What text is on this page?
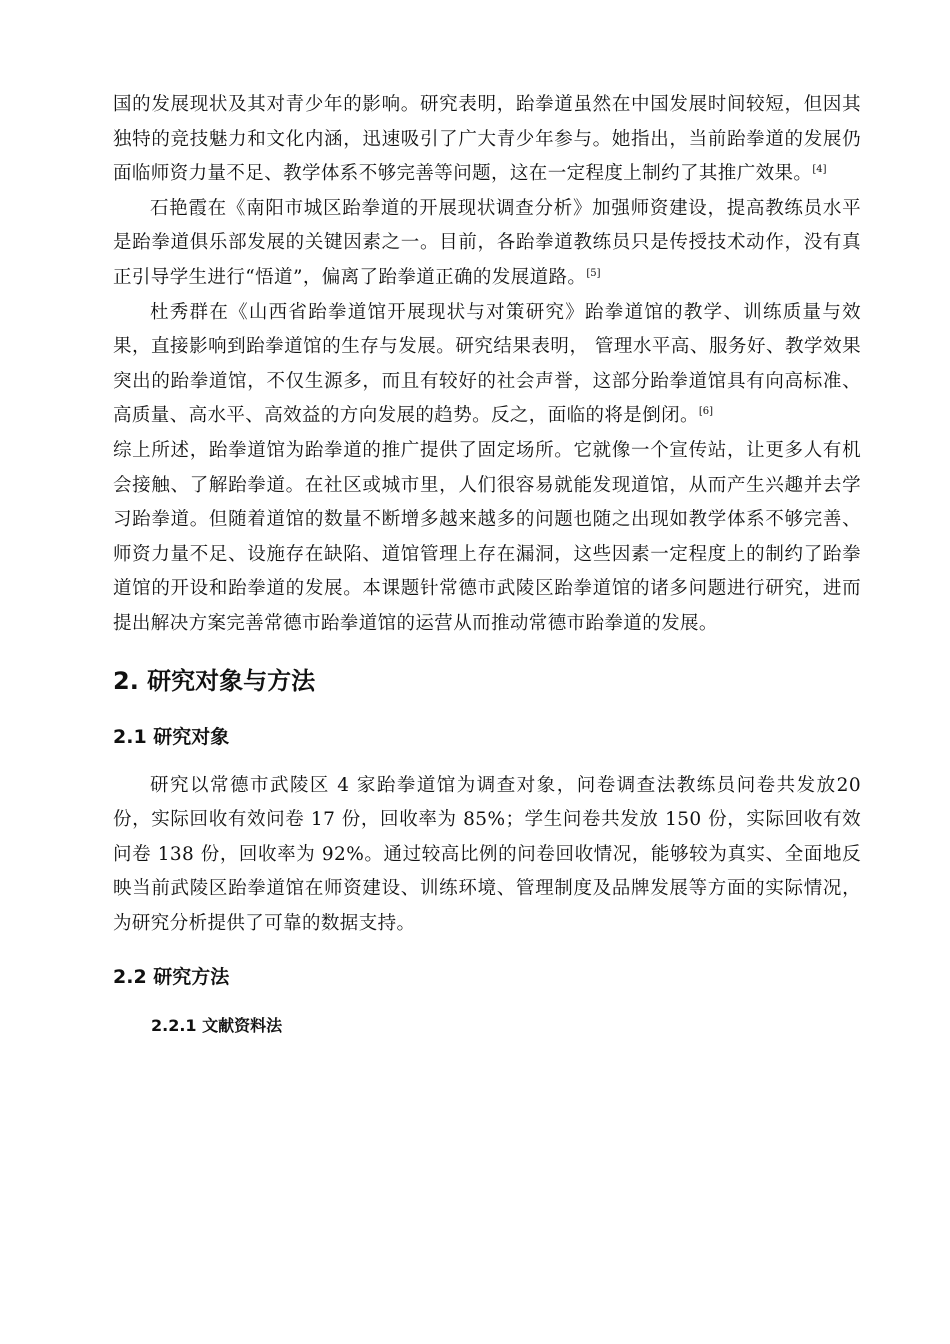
国的发展现状及其对青少年的影响。研究表明，跆拳道虽然在中国发展时间较短，但因其独特的竞技魅力和文化内涵，迅速吸引了广大青少年参与。她指出，当前跆拳道的发展仍面临师资力量不足、教学体系不够完善等问题，这在一定程度上制约了其推广效果。[4]

石艳霞在《南阳市城区跆拳道的开展现状调查分析》加强师资建设，提高教练员水平是跆拳道俱乐部发展的关键因素之一。目前，各跆拳道教练员只是传授技术动作，没有真正引导学生进行“悟道”，偏离了跆拳道正确的发展道路。[5]

杜秀群在《山西省跆拳道馆开展现状与对策研究》跆拳道馆的教学、训练质量与效果，直接影响到跆拳道馆的生存与发展。研究结果表明， 管理水平高、服务好、教学效果突出的跆拳道馆，不仅生源多，而且有较好的社会声誉，这部分跆拳道馆具有向高标准、高质量、高水平、高效益的方向发展的趋势。反之，面临的将是倒闭。[6]

综上所述，跆拳道馆为跆拳道的推广提供了固定场所。它就像一个宣传站，让更多人有机会接触、了解跆拳道。在社区或城市里，人们很容易就能发现道馆，从而产生兴趣并去学习跆拳道。但随着道馆的数量不断增多越来越多的问题也随之出现如教学体系不够完善、师资力量不足、设施存在缺陷、道馆管理上存在漏洞，这些因素一定程度上的制约了跆拳道馆的开设和跆拳道的发展。本课题针常德市武陵区跆拳道馆的诸多问题进行研究，进而提出解决方案完善常德市跆拳道馆的运营从而推动常德市跆拳道的发展。

2. 研究对象与方法
2.1 研究对象

研究以常德市武陵区 4 家跆拳道馆为调查对象，问卷调查法教练员问卷共发放20 份，实际回收有效问卷 17 份，回收率为 85%；学生问卷共发放 150 份，实际回收有效问卷 138 份，回收率为 92%。通过较高比例的问卷回收情况，能够较为真实、全面地反映当前武陵区跆拳道馆在师资建设、训练环境、管理制度及品牌发展等方面的实际情况，为研究分析提供了可靠的数据支持。

2.2 研究方法
2.2.1 文献资料法
